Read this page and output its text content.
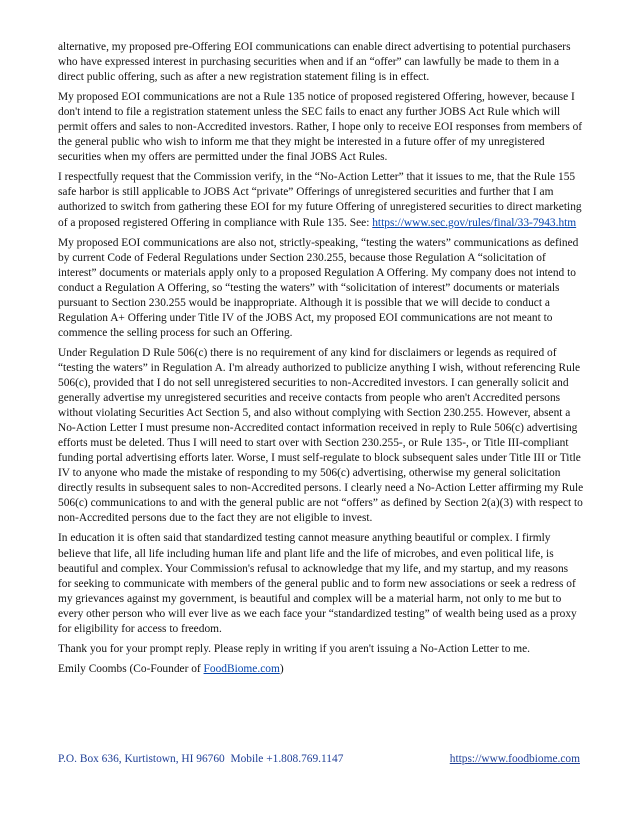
alternative, my proposed pre-Offering EOI communications can enable direct advertising to potential purchasers who have expressed interest in purchasing securities when and if an “offer” can lawfully be made to them in a direct public offering, such as after a new registration statement filing is in effect.

My proposed EOI communications are not a Rule 135 notice of proposed registered Offering, however, because I don't intend to file a registration statement unless the SEC fails to enact any further JOBS Act Rule which will permit offers and sales to non-Accredited investors. Rather, I hope only to receive EOI responses from members of the general public who wish to inform me that they might be interested in a future offer of my unregistered securities when my offers are permitted under the final JOBS Act Rules.

I respectfully request that the Commission verify, in the “No-Action Letter” that it issues to me, that the Rule 155 safe harbor is still applicable to JOBS Act “private” Offerings of unregistered securities and further that I am authorized to switch from gathering these EOI for my future Offering of unregistered securities to direct marketing of a proposed registered Offering in compliance with Rule 135. See: https://www.sec.gov/rules/final/33-7943.htm

My proposed EOI communications are also not, strictly-speaking, “testing the waters” communications as defined by current Code of Federal Regulations under Section 230.255, because those Regulation A “solicitation of interest” documents or materials apply only to a proposed Regulation A Offering. My company does not intend to conduct a Regulation A Offering, so “testing the waters” with “solicitation of interest” documents or materials pursuant to Section 230.255 would be inappropriate. Although it is possible that we will decide to conduct a Regulation A+ Offering under Title IV of the JOBS Act, my proposed EOI communications are not meant to commence the selling process for such an Offering.

Under Regulation D Rule 506(c) there is no requirement of any kind for disclaimers or legends as required of “testing the waters” in Regulation A. I'm already authorized to publicize anything I wish, without referencing Rule 506(c), provided that I do not sell unregistered securities to non-Accredited investors. I can generally solicit and generally advertise my unregistered securities and receive contacts from people who aren't Accredited persons without violating Securities Act Section 5, and also without complying with Section 230.255. However, absent a No-Action Letter I must presume non-Accredited contact information received in reply to Rule 506(c) advertising efforts must be deleted. Thus I will need to start over with Section 230.255-, or Rule 135-, or Title III-compliant funding portal advertising efforts later. Worse, I must self-regulate to block subsequent sales under Title III or Title IV to anyone who made the mistake of responding to my 506(c) advertising, otherwise my general solicitation directly results in subsequent sales to non-Accredited persons. I clearly need a No-Action Letter affirming my Rule 506(c) communications to and with the general public are not “offers” as defined by Section 2(a)(3) with respect to non-Accredited persons due to the fact they are not eligible to invest.

In education it is often said that standardized testing cannot measure anything beautiful or complex. I firmly believe that life, all life including human life and plant life and the life of microbes, and even political life, is beautiful and complex. Your Commission's refusal to acknowledge that my life, and my startup, and my reasons for seeking to communicate with members of the general public and to form new associations or seek a redress of my grievances against my government, is beautiful and complex will be a material harm, not only to me but to every other person who will ever live as we each face your “standardized testing” of wealth being used as a proxy for eligibility for access to freedom.

Thank you for your prompt reply. Please reply in writing if you aren't issuing a No-Action Letter to me.

Emily Coombs (Co-Founder of FoodBiome.com)

P.O. Box 636, Kurtistown, HI 96760  Mobile +1.808.769.1147	https://www.foodbiome.com
